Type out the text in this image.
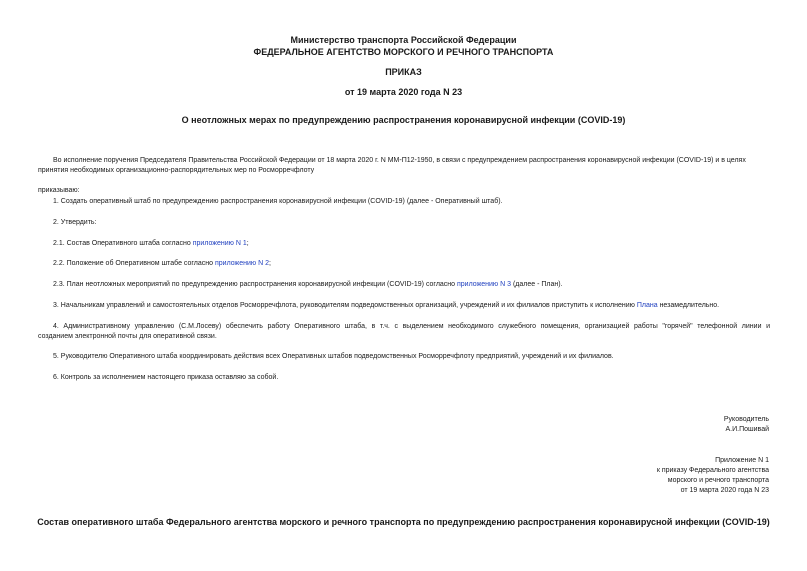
Министерство транспорта Российской Федерации
ФЕДЕРАЛЬНОЕ АГЕНТСТВО МОРСКОГО И РЕЧНОГО ТРАНСПОРТА
ПРИКАЗ
от 19 марта 2020 года N 23
О неотложных мерах по предупреждению распространения коронавирусной инфекции (COVID-19)
Во исполнение поручения Председателя Правительства Российской Федерации от 18 марта 2020 г. N ММ-П12-1950, в связи с предупреждением распространения коронавирусной инфекции (COVID-19) и в целях
принятия необходимых организационно-распорядительных мер по Росморречфлоту
приказываю:
1. Создать оперативный штаб по предупреждению распространения коронавирусной инфекции (COVID-19) (далее - Оперативный штаб).
2. Утвердить:
2.1. Состав Оперативного штаба согласно приложению N 1;
2.2. Положение об Оперативном штабе согласно приложению N 2;
2.3. План неотложных мероприятий по предупреждению распространения коронавирусной инфекции (COVID-19) согласно приложению N 3 (далее - План).
3. Начальникам управлений и самостоятельных отделов Росморречфлота, руководителям подведомственных организаций, учреждений и их филиалов приступить к исполнению Плана незамедлительно.
4. Административному управлению (С.М.Лосеву) обеспечить работу Оперативного штаба, в т.ч. с выделением необходимого служебного помещения, организацией работы "горячей" телефонной линии и
созданием электронной почты для оперативной связи.
5. Руководителю Оперативного штаба координировать действия всех Оперативных штабов подведомственных Росморречфлоту предприятий, учреждений и их филиалов.
6. Контроль за исполнением настоящего приказа оставляю за собой.
Руководитель
А.И.Пошивай
Приложение N 1
к приказу Федерального агентства
морского и речного транспорта
от 19 марта 2020 года N 23
Состав оперативного штаба Федерального агентства морского и речного транспорта по предупреждению распространения коронавирусной инфекции (COVID-19)
